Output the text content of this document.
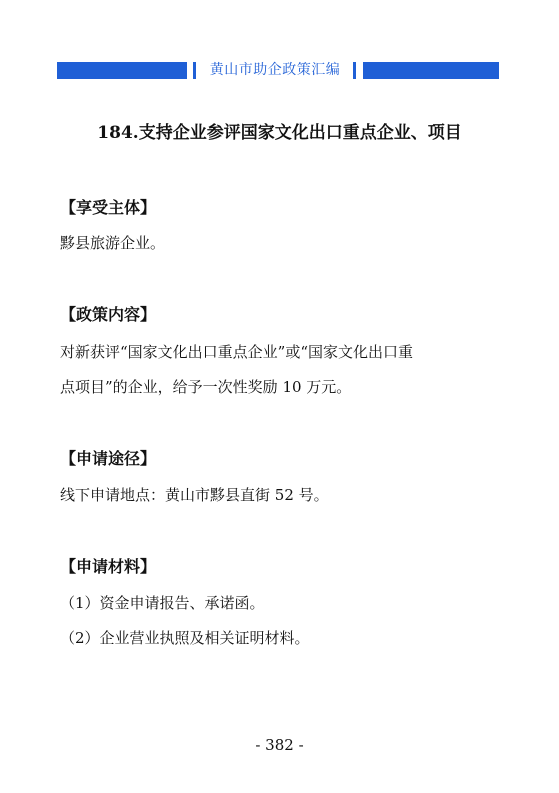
黄山市助企政策汇编
184.支持企业参评国家文化出口重点企业、项目
【享受主体】
黟县旅游企业。
【政策内容】
对新获评“国家文化出口重点企业”或“国家文化出口重
点项目”的企业，给予一次性奖励 10 万元。
【申请途径】
线下申请地点：黄山市黟县直街 52 号。
【申请材料】
（1）资金申请报告、承诺函。
（2）企业营业执照及相关证明材料。
- 382 -
